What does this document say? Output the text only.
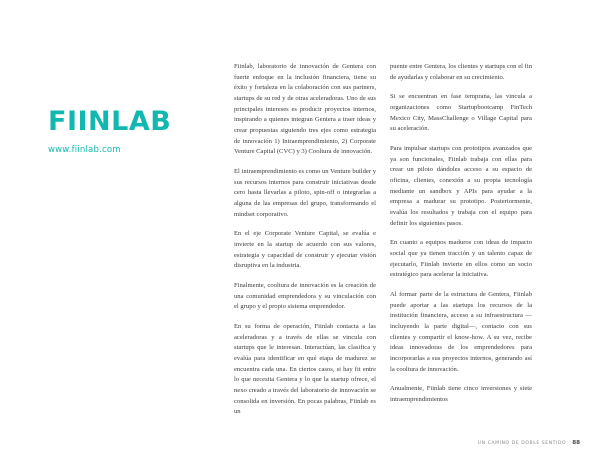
FIINLAB
www.fiinlab.com

Fiinlab, laboratorio de innovación de Gentera con fuerte enfoque en la inclusión financiera, tiene su éxito y fortaleza en la colaboración con sus partners, startups de su red y de otras aceleradoras. Uno de sus principales intereses es producir proyectos internos, inspirando a quienes integran Gentera a traer ideas y crear propuestas siguiendo tres ejes como estrategia de innovación 1) Intraemprendimiento, 2) Corporate Venture Capital (CVC) y 3) Cooltura de innovación.

El intraemprendimiento es como un Venture builder y sus recursos internos para construir iniciativas desde cero hasta llevarlas a piloto, spin-off o integrarlas a alguna de las empresas del grupo, transformando el mindset corporativo.

En el eje Corporate Venture Capital, se evalúa e invierte en la startup de acuerdo con sus valores, estrategia y capacidad de construir y ejecutar visión disruptiva en la industria.

Finalmente, cooltura de innovación es la creación de una comunidad emprendedora y su vinculación con el grupo y el propio sistema emprendedor.

En su forma de operación, Fiinlab contacta a las aceleradoras y a través de ellas se vincula con startups que le interesan. Interactúan, las clasifica y evalúa para identificar en qué etapa de madurez se encuentra cada una. En ciertos casos, si hay fit entre lo que necesita Gentera y lo que la startup ofrece, el nexo creado a través del laboratorio de innovación se consolida en inversión. En pocas palabras, Fiinlab es un

puente entre Gentera, los clientes y startups con el fin de ayudarlas y colaborar en su crecimiento.

Si se encuentran en fase temprana, las vincula a organizaciones como Startupbootcamp FinTech Mexico City, MassChallenge o Village Capital para su aceleración.

Para impulsar startups con prototipos avanzados que ya son funcionales, Fiinlab trabaja con ellas para crear un piloto dándoles acceso a su espacio de oficina, clientes, conexión a su propia tecnología mediante un sandbox y APIs para ayudar a la empresa a madurar su prototipo. Posteriormente, evalúa los resultados y trabaja con el equipo para definir los siguientes pasos.

En cuanto a equipos maduros con ideas de impacto social que ya tienen tracción y un talento capaz de ejecutarlo, Fiinlab invierte en ellos como un socio estratégico para acelerar la iniciativa.

Al formar parte de la estructura de Gentera, Fiinlab puede aportar a las startups los recursos de la institución financiera, acceso a su infraestructura —incluyendo la parte digital—, contacto con sus clientes y compartir el know-how. A su vez, recibe ideas innovadoras de los emprendedores para incorporarlas a sus proyectos internos, generando así la cooltura de innovación.

Anualmente, Fiinlab tiene cinco inversiones y siete intraemprendimientos

UN CAMINO DE DOBLE SENTIDO 88
